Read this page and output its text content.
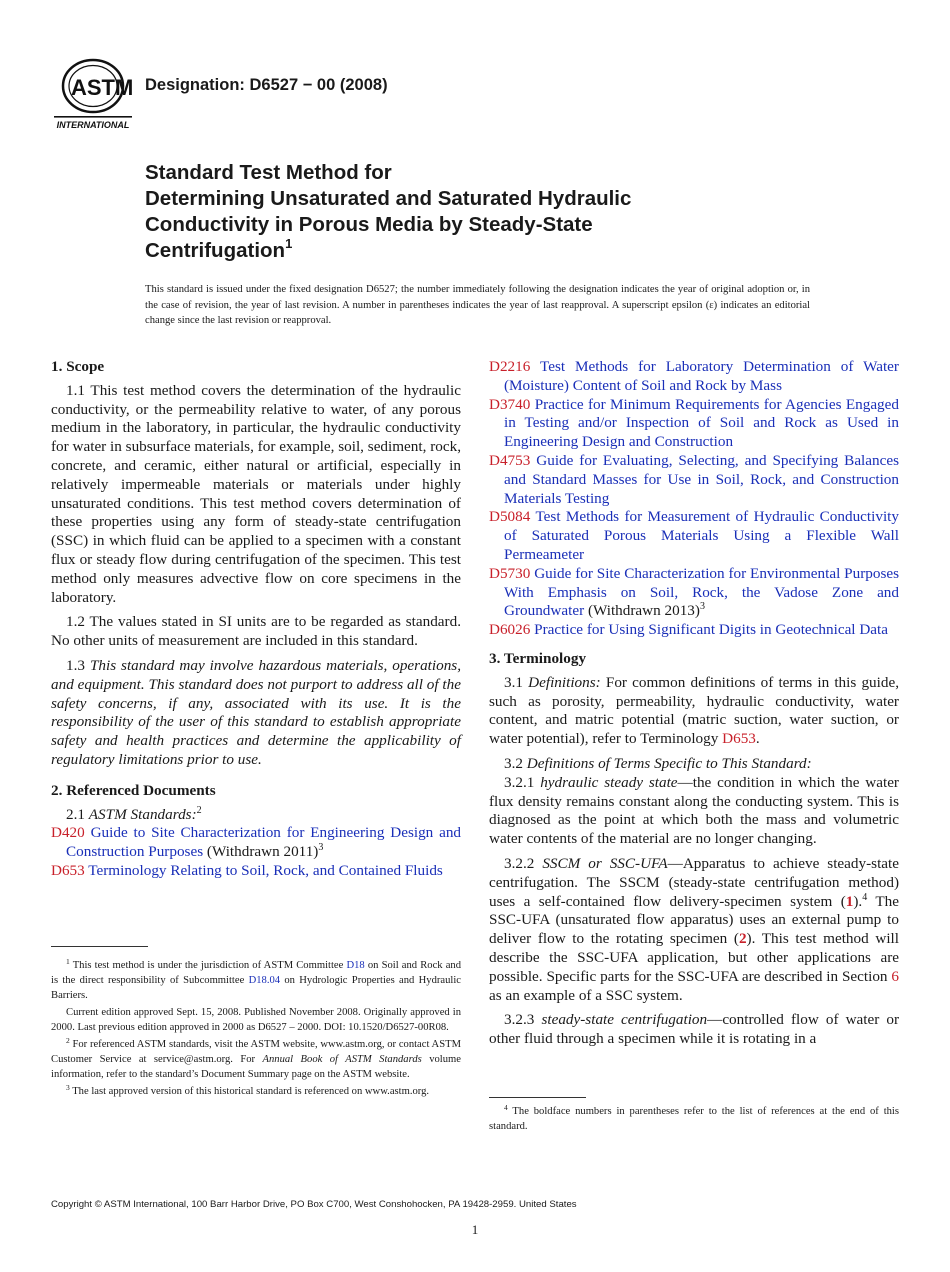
ASTM
INTERNATIONAL
Designation: D6527 − 00 (2008)
Standard Test Method for
Determining Unsaturated and Saturated Hydraulic
Conductivity in Porous Media by Steady-State
Centrifugation$^1$
This standard is issued under the fixed designation D6527; the number immediately following the designation indicates the year of original adoption or, in the case of revision, the year of last revision. A number in parentheses indicates the year of last reapproval. A superscript epsilon (ε) indicates an editorial change since the last revision or reapproval.
1. Scope

1.1 This test method covers the determination of the hydraulic conductivity, or the permeability relative to water, of any porous medium in the laboratory, in particular, the hydraulic conductivity for water in subsurface materials, for example, soil, sediment, rock, concrete, and ceramic, either natural or artificial, especially in relatively impermeable materials or materials under highly unsaturated conditions. This test method covers determination of these properties using any form of steady-state centrifugation (SSC) in which fluid can be applied to a specimen with a constant flux or steady flow during centrifugation of the specimen. This test method only measures advective flow on core specimens in the laboratory.

1.2 The values stated in SI units are to be regarded as standard. No other units of measurement are included in this standard.

1.3 This standard may involve hazardous materials, operations, and equipment. This standard does not purport to address all of the safety concerns, if any, associated with its use. It is the responsibility of the user of this standard to establish appropriate safety and health practices and determine the applicability of regulatory limitations prior to use.

2. Referenced Documents

2.1 ASTM Standards:$^2$

D420 Guide to Site Characterization for Engineering Design and Construction Purposes (Withdrawn 2011)$^3$

D653 Terminology Relating to Soil, Rock, and Contained Fluids

$^1$ This test method is under the jurisdiction of ASTM Committee D18 on Soil and Rock and is the direct responsibility of Subcommittee D18.04 on Hydrologic Properties and Hydraulic Barriers.

Current edition approved Sept. 15, 2008. Published November 2008. Originally approved in 2000. Last previous edition approved in 2000 as D6527 – 2000. DOI: 10.1520/D6527-00R08.

$^2$ For referenced ASTM standards, visit the ASTM website, www.astm.org, or contact ASTM Customer Service at service@astm.org. For Annual Book of ASTM Standards volume information, refer to the standard’s Document Summary page on the ASTM website.

$^3$ The last approved version of this historical standard is referenced on www.astm.org.

D2216 Test Methods for Laboratory Determination of Water (Moisture) Content of Soil and Rock by Mass

D3740 Practice for Minimum Requirements for Agencies Engaged in Testing and/or Inspection of Soil and Rock as Used in Engineering Design and Construction

D4753 Guide for Evaluating, Selecting, and Specifying Balances and Standard Masses for Use in Soil, Rock, and Construction Materials Testing

D5084 Test Methods for Measurement of Hydraulic Conductivity of Saturated Porous Materials Using a Flexible Wall Permeameter

D5730 Guide for Site Characterization for Environmental Purposes With Emphasis on Soil, Rock, the Vadose Zone and Groundwater (Withdrawn 2013)$^3$

D6026 Practice for Using Significant Digits in Geotechnical Data

3. Terminology

3.1 Definitions: For common definitions of terms in this guide, such as porosity, permeability, hydraulic conductivity, water content, and matric potential (matric suction, water suction, or water potential), refer to Terminology D653.

3.2 Definitions of Terms Specific to This Standard:

3.2.1 hydraulic steady state—the condition in which the water flux density remains constant along the conducting system. This is diagnosed as the point at which both the mass and volumetric water contents of the material are no longer changing.

3.2.2 SSCM or SSC-UFA—Apparatus to achieve steady-state centrifugation. The SSCM (steady-state centrifugation method) uses a self-contained flow delivery-specimen system (1).$^4$ The SSC-UFA (unsaturated flow apparatus) uses an external pump to deliver flow to the rotating specimen (2). This test method will describe the SSC-UFA application, but other applications are possible. Specific parts for the SSC-UFA are described in Section 6 as an example of a SSC system.

3.2.3 steady-state centrifugation—controlled flow of water or other fluid through a specimen while it is rotating in a

$^4$ The boldface numbers in parentheses refer to the list of references at the end of this standard.

Copyright © ASTM International, 100 Barr Harbor Drive, PO Box C700, West Conshohocken, PA 19428-2959. United States
1
